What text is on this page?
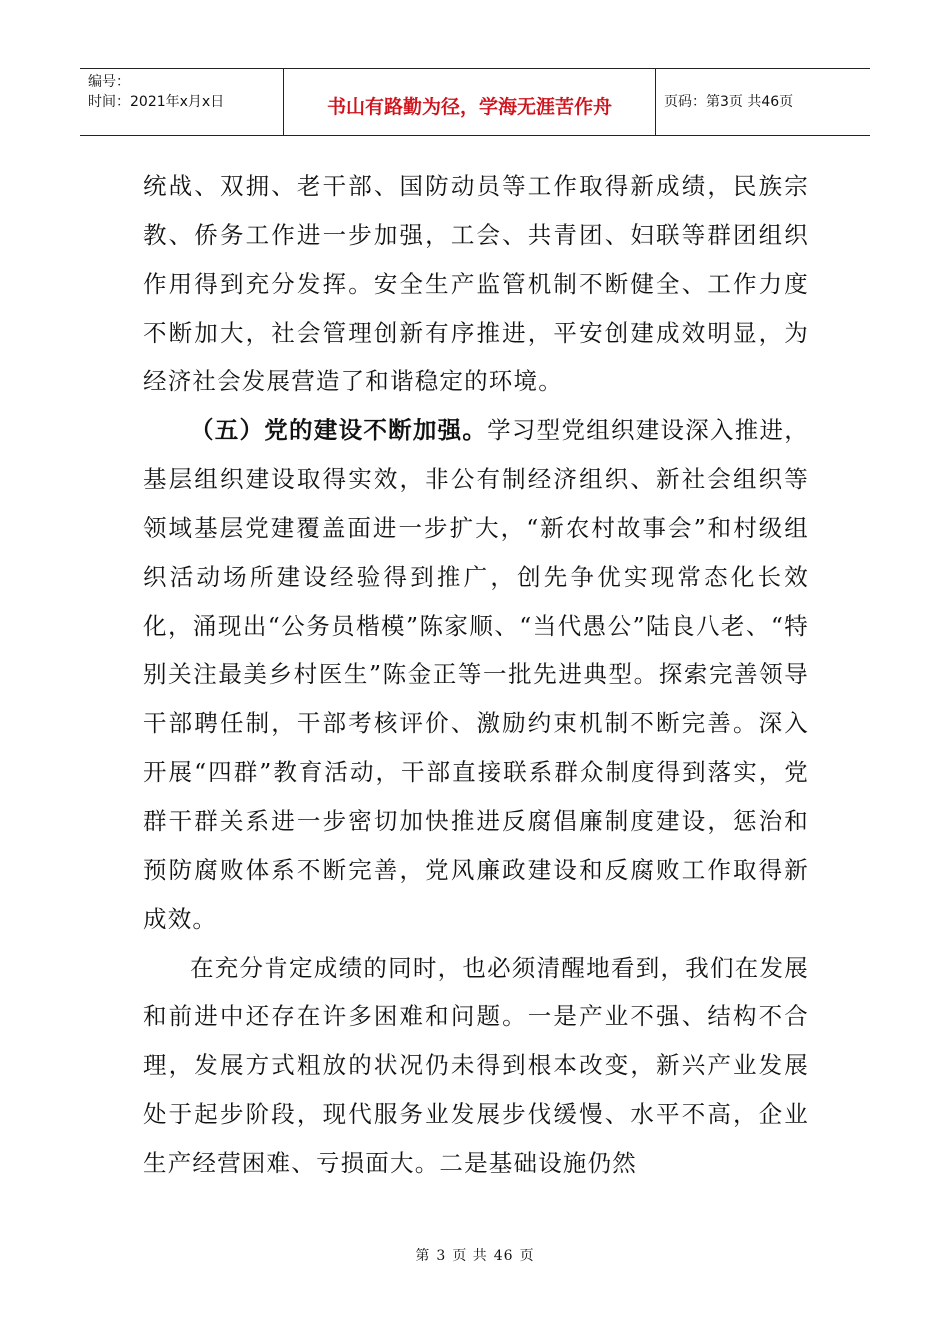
编号：
时间：2021年x月x日	书山有路勤为径，学海无涯苦作舟	页码：第3页 共46页

统战、双拥、老干部、国防动员等工作取得新成绩，民族宗教、侨务工作进一步加强，工会、共青团、妇联等群团组织作用得到充分发挥。安全生产监管机制不断健全、工作力度不断加大，社会管理创新有序推进，平安创建成效明显，为经济社会发展营造了和谐稳定的环境。

（五）党的建设不断加强。学习型党组织建设深入推进，基层组织建设取得实效，非公有制经济组织、新社会组织等领域基层党建覆盖面进一步扩大，“新农村故事会”和村级组织活动场所建设经验得到推广，创先争优实现常态化长效化，涌现出“公务员楷模”陈家顺、“当代愚公”陆良八老、“特别关注最美乡村医生”陈金正等一批先进典型。探索完善领导干部聘任制，干部考核评价、激励约束机制不断完善。深入开展“四群”教育活动，干部直接联系群众制度得到落实，党群干群关系进一步密切加快推进反腐倡廉制度建设，惩治和预防腐败体系不断完善，党风廉政建设和反腐败工作取得新成效。

在充分肯定成绩的同时，也必须清醒地看到，我们在发展和前进中还存在许多困难和问题。一是产业不强、结构不合理，发展方式粗放的状况仍未得到根本改变，新兴产业发展处于起步阶段，现代服务业发展步伐缓慢、水平不高，企业生产经营困难、亏损面大。二是基础设施仍然

第 3 页 共 46 页
